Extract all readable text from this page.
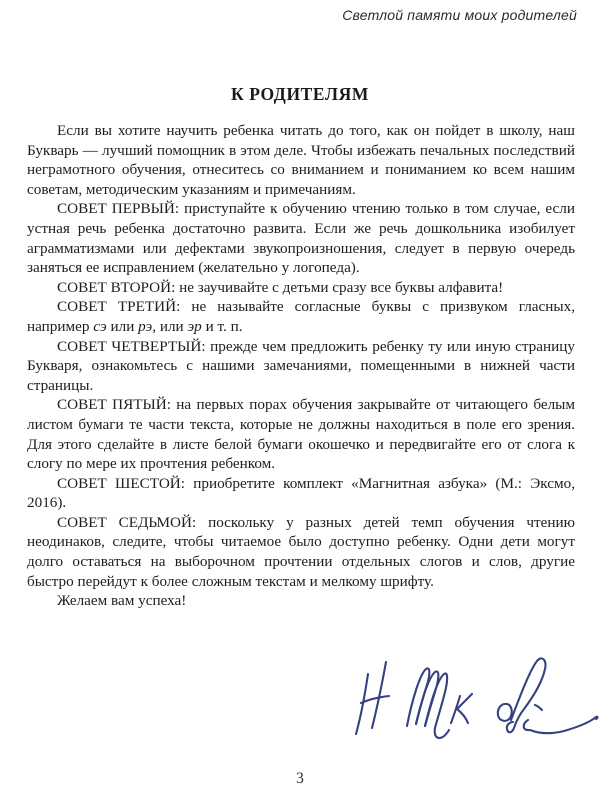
Светлой памяти моих родителей
К РОДИТЕЛЯМ

Если вы хотите научить ребенка читать до того, как он пойдет в школу, наш Букварь — лучший помощник в этом деле. Чтобы избежать печальных последствий неграмотного обучения, отнеситесь со вниманием и пониманием ко всем нашим советам, методическим указаниям и примечаниям.

СОВЕТ ПЕРВЫЙ: приступайте к обучению чтению только в том случае, если устная речь ребенка достаточно развита. Если же речь дошкольника изобилует аграмматизмами или дефектами звукопроизношения, следует в первую очередь заняться ее исправлением (желательно у логопеда).

СОВЕТ ВТОРОЙ: не заучивайте с детьми сразу все буквы алфавита!

СОВЕТ ТРЕТИЙ: не называйте согласные буквы с призвуком гласных, например сэ или рэ, или эр и т. п.

СОВЕТ ЧЕТВЕРТЫЙ: прежде чем предложить ребенку ту или иную страницу Букваря, ознакомьтесь с нашими замечаниями, помещенными в нижней части страницы.

СОВЕТ ПЯТЫЙ: на первых порах обучения закрывайте от читающего белым листом бумаги те части текста, которые не должны находиться в поле его зрения. Для этого сделайте в листе белой бумаги окошечко и передвигайте его от слога к слогу по мере их прочтения ребенком.

СОВЕТ ШЕСТОЙ: приобретите комплект «Магнитная азбука» (М.: Эксмо, 2016).

СОВЕТ СЕДЬМОЙ: поскольку у разных детей темп обучения чтению неодинаков, следите, чтобы читаемое было доступно ребенку. Одни дети могут долго оставаться на выборочном прочтении отдельных слогов и слов, другие быстро перейдут к более сложным текстам и мелкому шрифту.

Желаем вам успеха!

3
